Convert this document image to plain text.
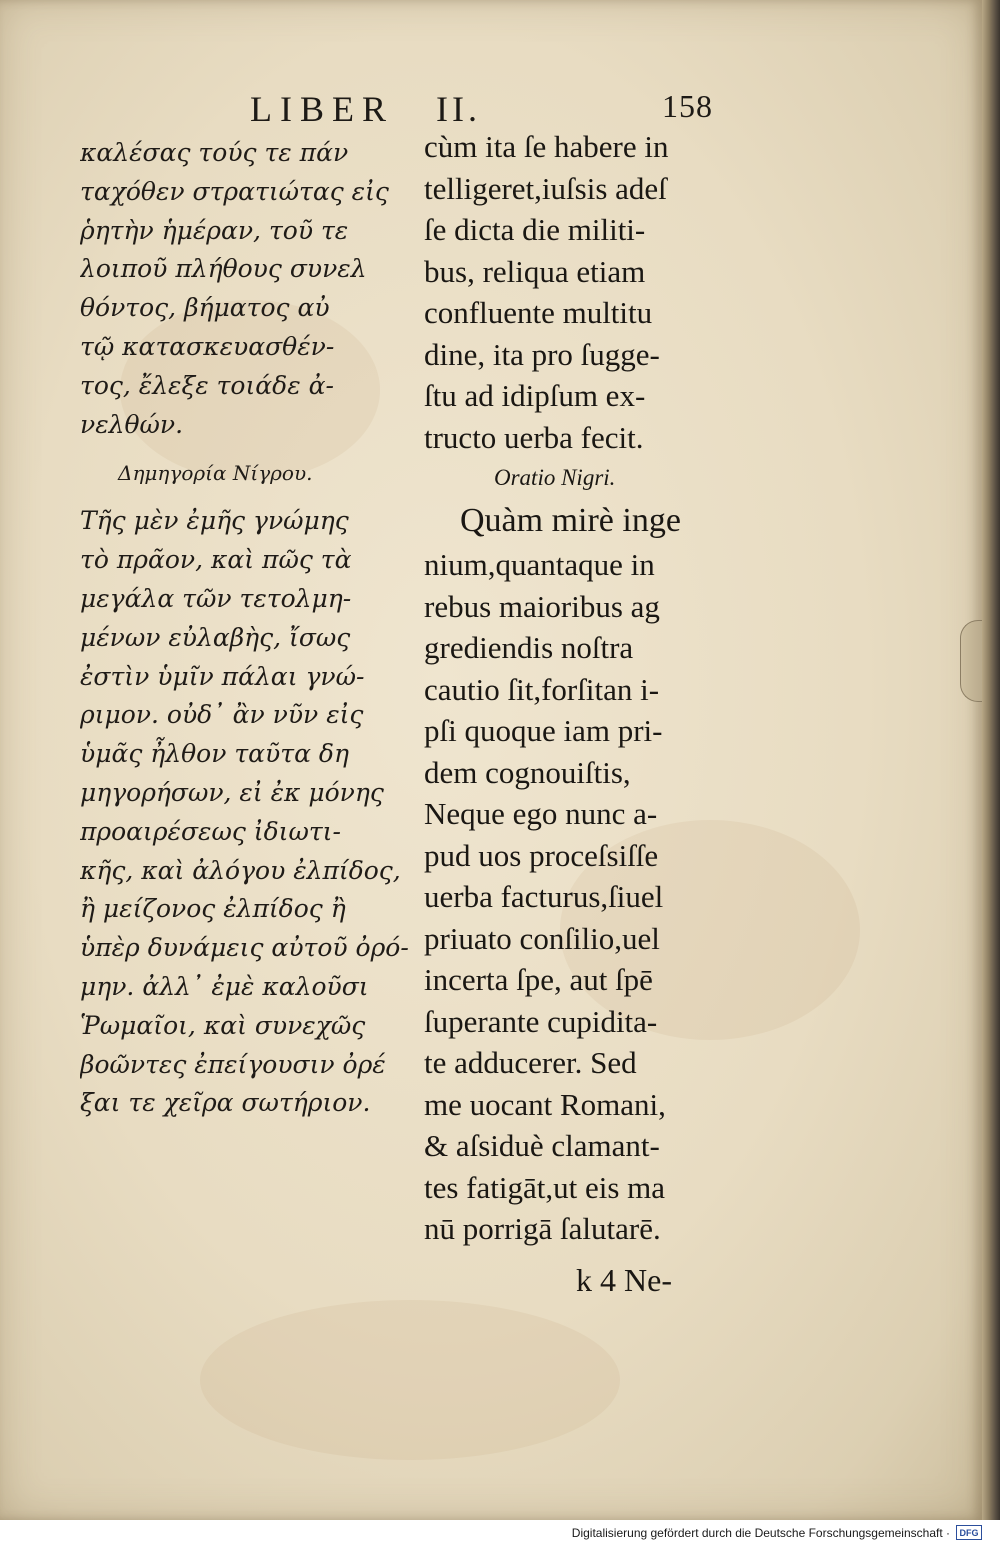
LIBER II.	158
καλέσας τούς τε πάν
ταχόθεν στρατιώτας εἰς
ῥητὴν ἡμέραν, τοῦ τε
λοιποῦ πλήθους συνελ
θόντος, βήματος αὐ
τῷ κατασκευασθέν-
τος, ἔλεξε τοιάδε ἀ-
νελθών.
Δημηγορία Νίγρου.
Τῆς μὲν ἐμῆς γνώμης
τὸ πρᾶον, καὶ πῶς τὰ
μεγάλα τῶν τετολμη-
μένων εὐλαβὴς, ἴσως
ἐστὶν ὑμῖν πάλαι γνώ-
ριμον. οὐδ᾽ ἂν νῦν εἰς
ὑμᾶς ἦλθον ταῦτα δη
μηγορήσων, εἰ ἐκ μόνης
προαιρέσεως ἰδιωτι-
κῆς, καὶ ἀλόγου ἐλπίδος,
ἢ μείζονος ἐλπίδος ἢ
ὑπὲρ δυνάμεις αὐτοῦ ὀρό-
μην. ἀλλ᾽ ἐμὲ καλοῦσι
Ῥωμαῖοι, καὶ συνεχῶς
βοῶντες ἐπείγουσιν ὀρέ
ξαι τε χεῖρα σωτήριον.
cùm ita ſe habere in
telligeret,iuſsis adeſ
ſe dicta die militi-
bus, reliqua etiam
confluente multitu
dine, ita pro ſugge-
ſtu ad idipſum ex-
tructo uerba fecit.
Oratio Nigri.
Quàm mirè inge
nium,quantaque in
rebus maioribus ag
grediendis noſtra
cautio ſit,forſitan i-
pſi quoque iam pri-
dem cognouiſtis,
Neque ego nunc a-
pud uos proceſsiſſe
uerba facturus,ſiuel
priuato conſilio,uel
incerta ſpe, aut ſpē
ſuperante cupidita-
te adducerer. Sed
me uocant Romani,
& aſsiduè clamant-
tes fatigāt,ut eis ma
nū porrigā ſalutarē.
k 4 Ne-
Digitalisierung gefördert durch die Deutsche Forschungsgemeinschaft ·	DFG
